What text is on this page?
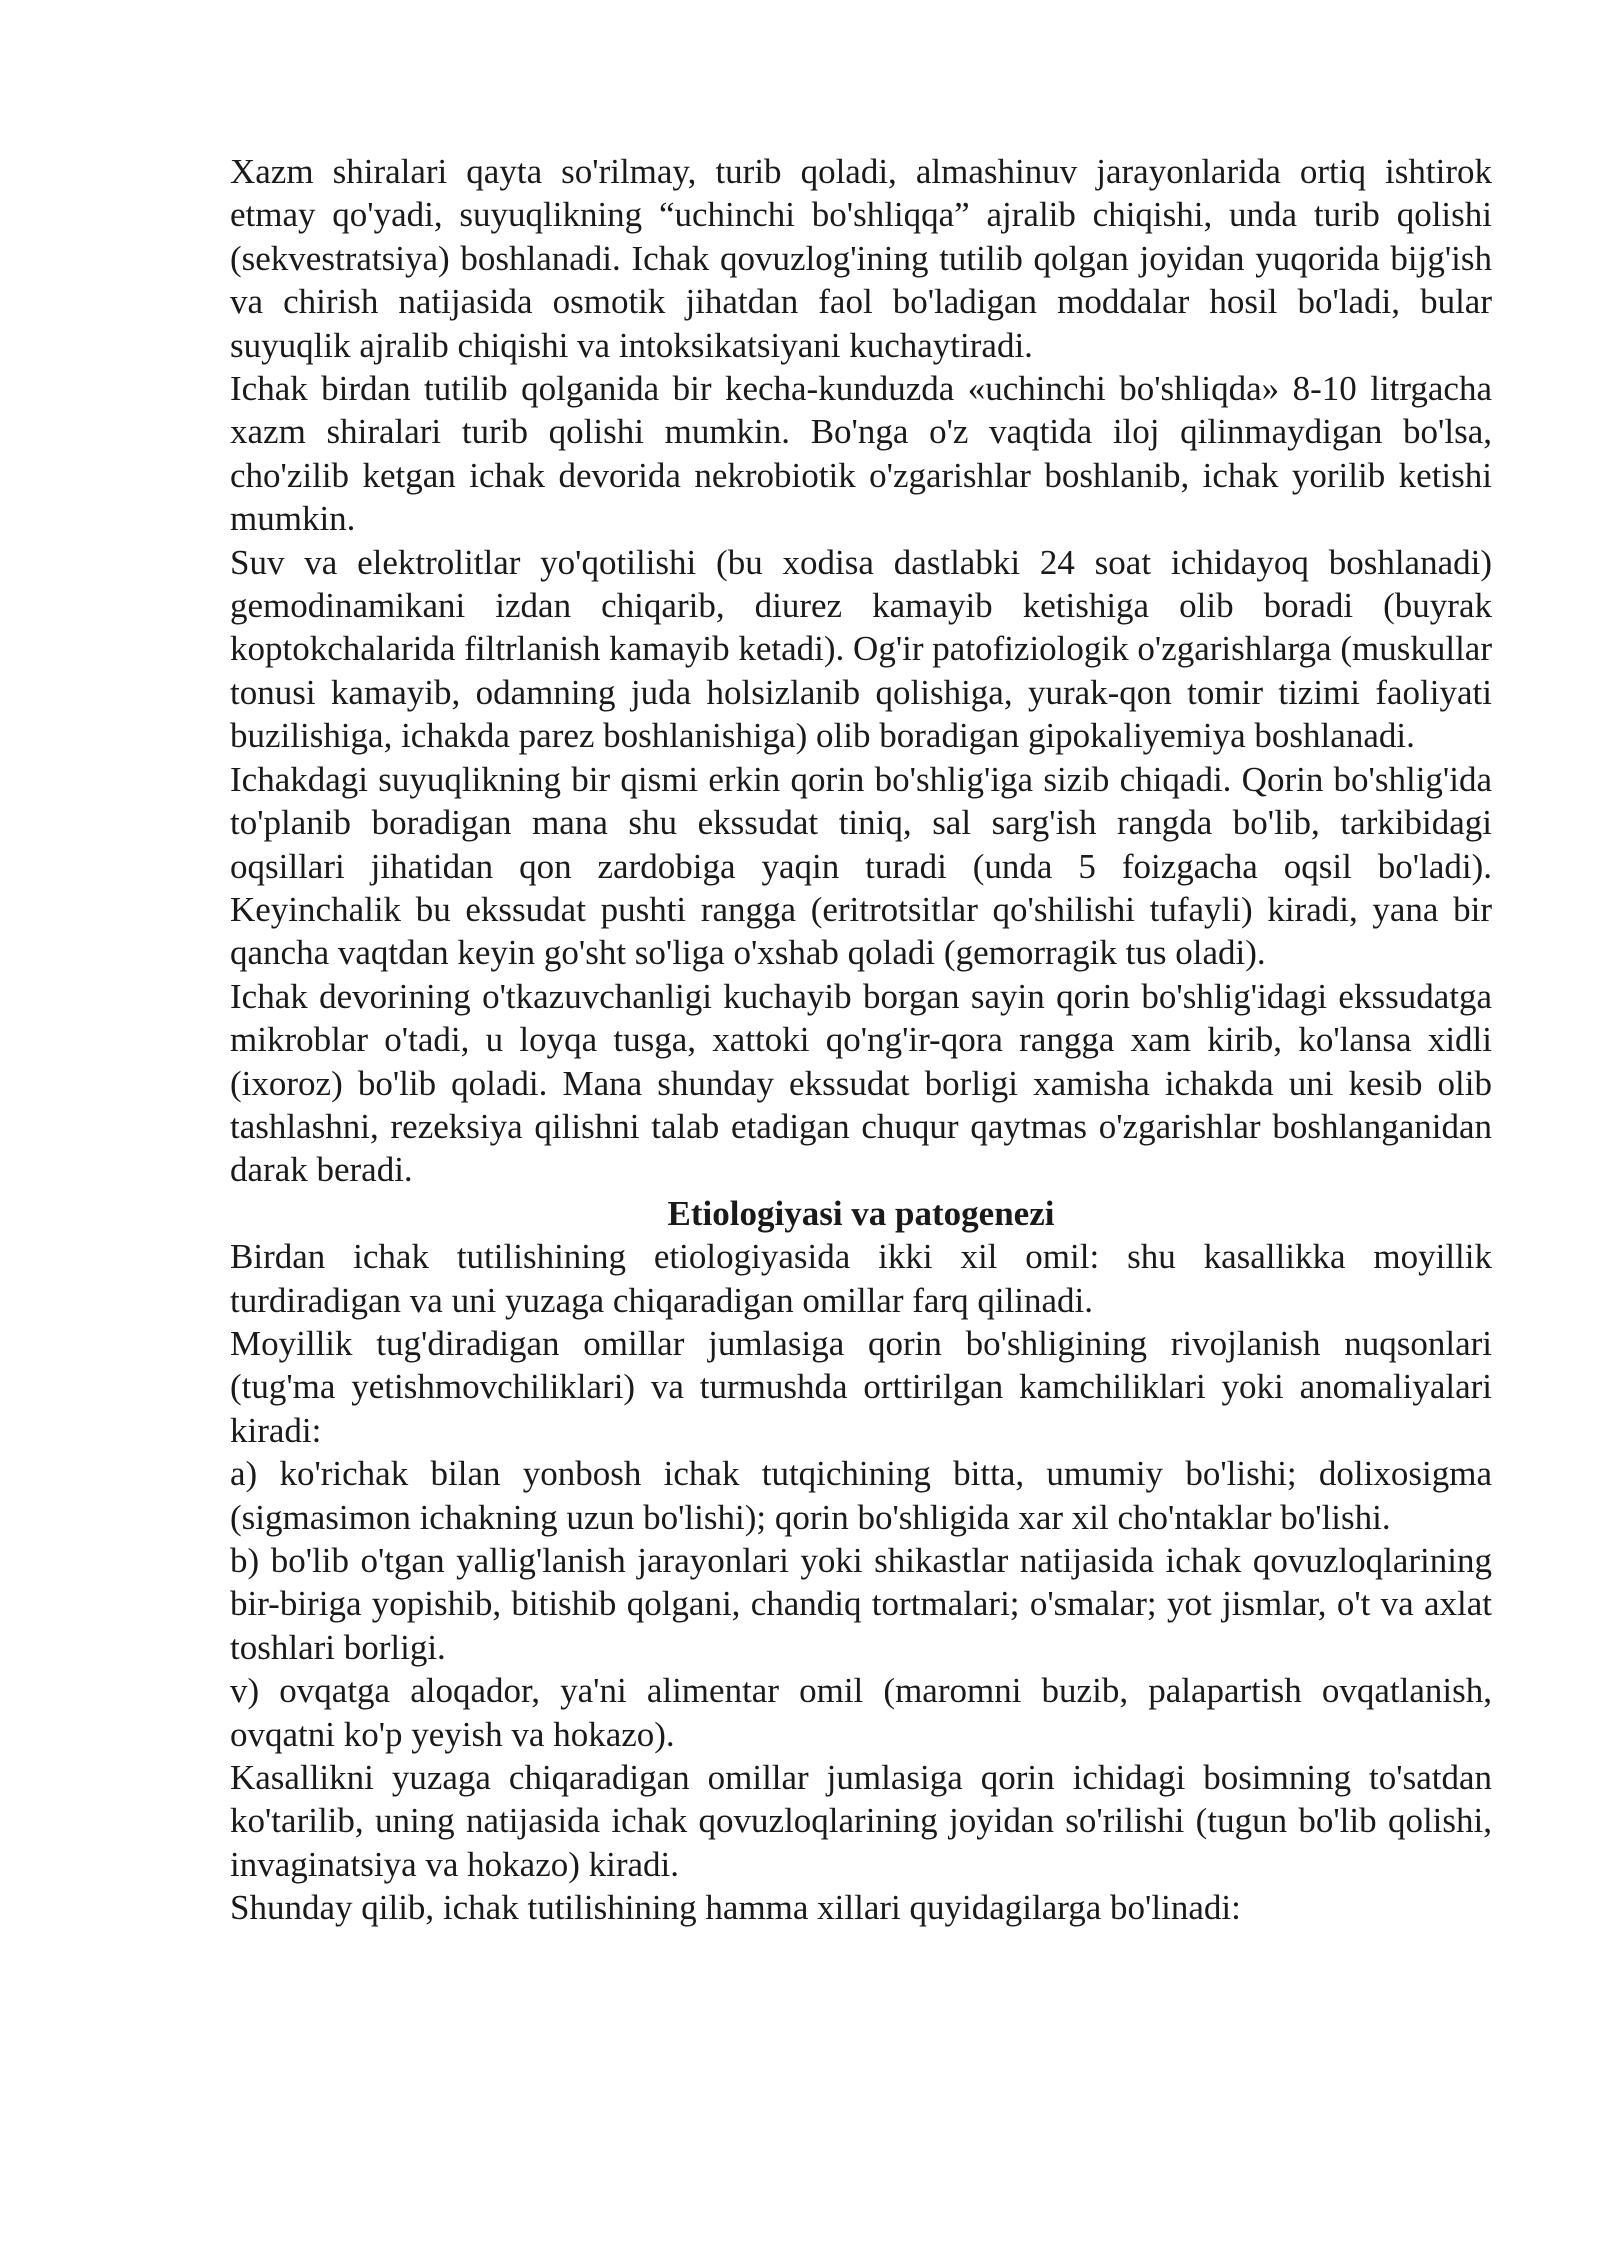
Xazm shiralari qayta so'rilmay, turib qoladi, almashinuv jarayonlarida ortiq ishtirok etmay qo'yadi, suyuqlikning “uchinchi bo'shliqqa” ajralib chiqishi, unda turib qolishi (sekvestratsiya) boshlanadi. Ichak qovuzlog'ining tutilib qolgan joyidan yuqorida bijg'ish va chirish natijasida osmotik jihatdan faol bo'ladigan moddalar hosil bo'ladi, bular suyuqlik ajralib chiqishi va intoksikatsiyani kuchaytiradi.

Ichak birdan tutilib qolganida bir kecha-kunduzda «uchinchi bo'shliqda» 8-10 litrgacha xazm shiralari turib qolishi mumkin. Bo'nga o'z vaqtida iloj qilinmaydigan bo'lsa, cho'zilib ketgan ichak devorida nekrobiotik o'zgarishlar boshlanib, ichak yorilib ketishi mumkin.

Suv va elektrolitlar yo'qotilishi (bu xodisa dastlabki 24 soat ichidayoq boshlanadi) gemodinamikani izdan chiqarib, diurez kamayib ketishiga olib boradi (buyrak koptokchalarida filtrlanish kamayib ketadi). Og'ir patofiziologik o'zgarishlarga (muskullar tonusi kamayib, odamning juda holsizlanib qolishiga, yurak-qon tomir tizimi faoliyati buzilishiga, ichakda parez boshlanishiga) olib boradigan gipokaliyemiya boshlanadi.

Ichakdagi suyuqlikning bir qismi erkin qorin bo'shlig'iga sizib chiqadi. Qorin bo'shlig'ida to'planib boradigan mana shu ekssudat tiniq, sal sarg'ish rangda bo'lib, tarkibidagi oqsillari jihatidan qon zardobiga yaqin turadi (unda 5 foizgacha oqsil bo'ladi). Keyinchalik bu ekssudat pushti rangga (eritrotsitlar qo'shilishi tufayli) kiradi, yana bir qancha vaqtdan keyin go'sht so'liga o'xshab qoladi (gemorragik tus oladi).

Ichak devorining o'tkazuvchanligi kuchayib borgan sayin qorin bo'shlig'idagi ekssudatga mikroblar o'tadi, u loyqa tusga, xattoki qo'ng'ir-qora rangga xam kirib, ko'lansa xidli (ixoroz) bo'lib qoladi. Mana shunday ekssudat borligi xamisha ichakda uni kesib olib tashlashni, rezeksiya qilishni talab etadigan chuqur qaytmas o'zgarishlar boshlanganidan darak beradi.

Etiologiyasi va patogenezi

Birdan ichak tutilishining etiologiyasida ikki xil omil: shu kasallikka moyillik turdiradigan va uni yuzaga chiqaradigan omillar farq qilinadi.

Moyillik tug'diradigan omillar jumlasiga qorin bo'shligining rivojlanish nuqsonlari (tug'ma yetishmovchiliklari) va turmushda orttirilgan kamchiliklari yoki anomaliyalari kiradi:

a) ko'richak bilan yonbosh ichak tutqichining bitta, umumiy bo'lishi; dolixosigma (sigmasimon ichakning uzun bo'lishi); qorin bo'shligida xar xil cho'ntaklar bo'lishi.

b) bo'lib o'tgan yallig'lanish jarayonlari yoki shikastlar natijasida ichak qovuzloqlarining bir-biriga yopishib, bitishib qolgani, chandiq tortmalari; o'smalar; yot jismlar, o't va axlat toshlari borligi.

v) ovqatga aloqador, ya'ni alimentar omil (maromni buzib, palapartish ovqatlanish, ovqatni ko'p yeyish va hokazo).

Kasallikni yuzaga chiqaradigan omillar jumlasiga qorin ichidagi bosimning to'satdan ko'tarilib, uning natijasida ichak qovuzloqlarining joyidan so'rilishi (tugun bo'lib qolishi, invaginatsiya va hokazo) kiradi.

Shunday qilib, ichak tutilishining hamma xillari quyidagilarga bo'linadi:
